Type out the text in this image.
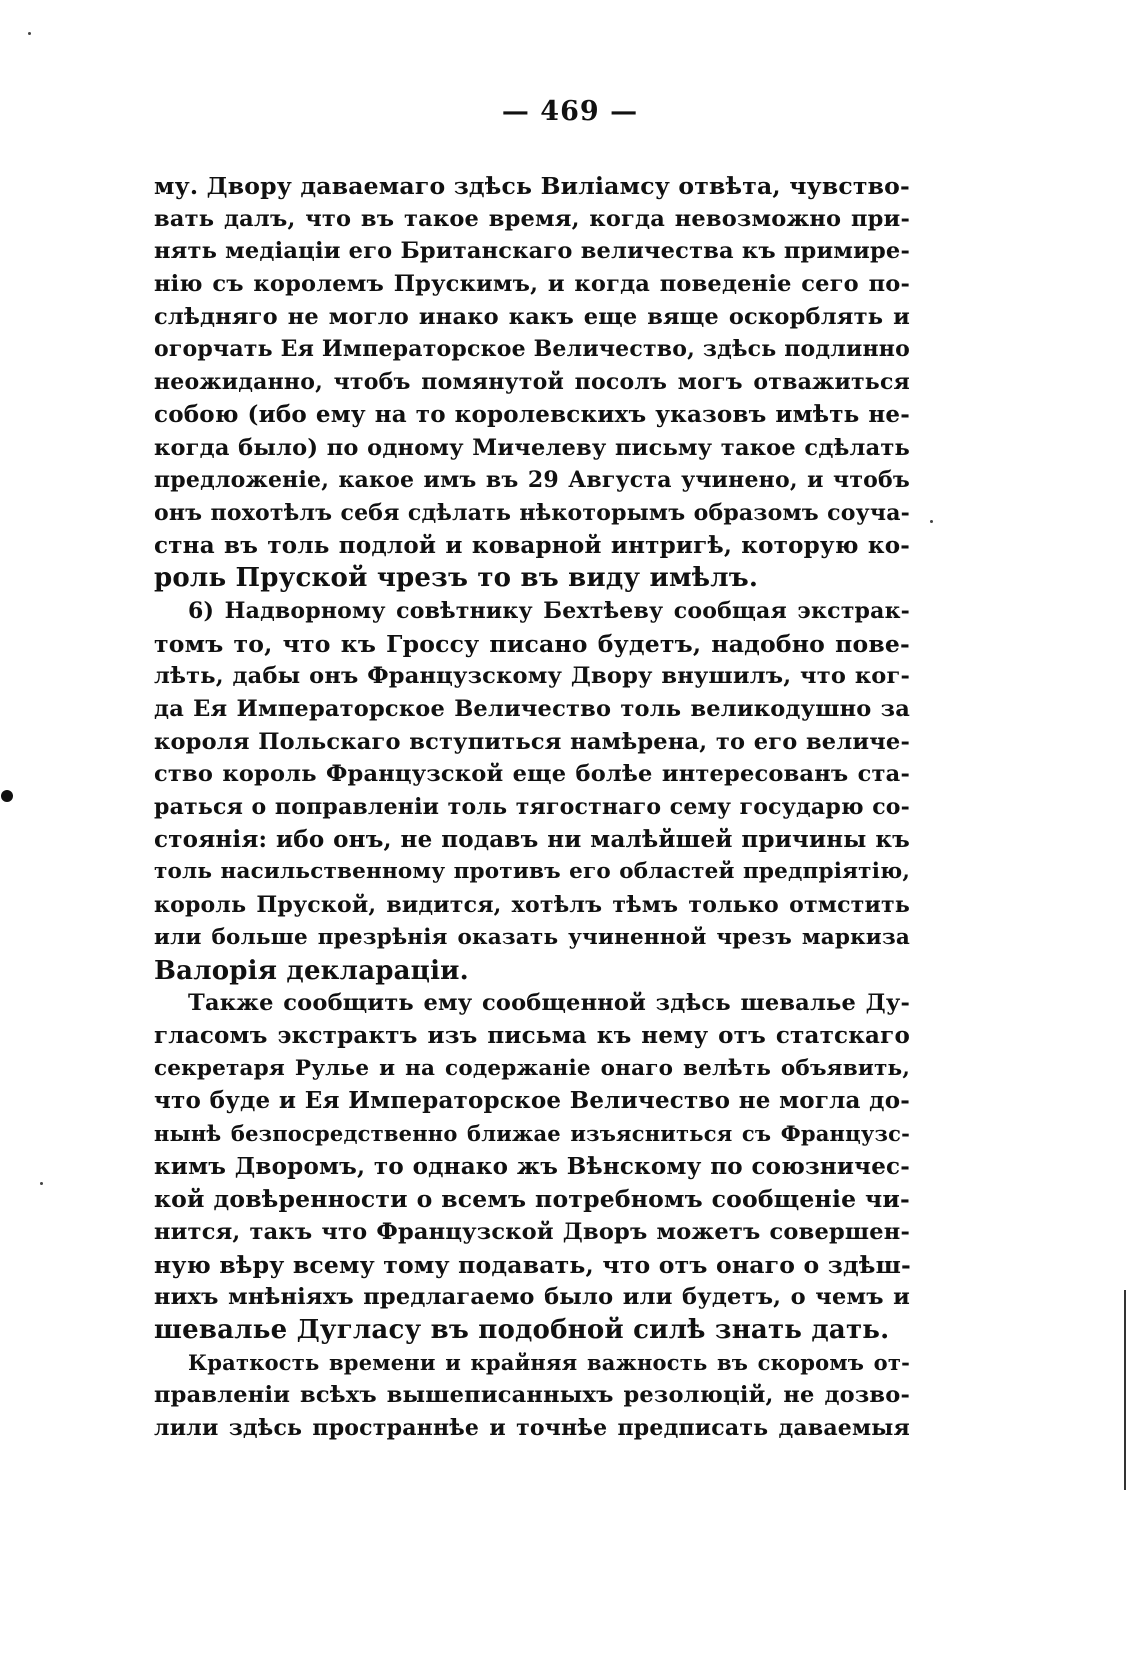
— 469 —
му. Двору даваемаго здѣсь Виліамсу отвѣта, чувство-
вать далъ, что въ такое время, когда невозможно при-
нять медіаціи его Британскаго величества къ примире-
нію съ королемъ Прускимъ, и когда поведеніе сего по-
слѣдняго не могло инако какъ еще вяще оскорблять и
огорчать Ея Императорское Величество, здѣсь подлинно
неожиданно, чтобъ помянутой посолъ могъ отважиться
собою (ибо ему на то королевскихъ указовъ имѣть не-
когда было) по одному Мичелеву письму такое сдѣлать
предложеніе, какое имъ въ 29 Августа учинено, и чтобъ
онъ похотѣлъ себя сдѣлать нѣкоторымъ образомъ соуча-
стна въ толь подлой и коварной интригѣ, которую ко-
роль Пруской чрезъ то въ виду имѣлъ.
6) Надворному совѣтнику Бехтѣеву сообщая экстрак-
томъ то, что къ Гроссу писано будетъ, надобно пове-
лѣть, дабы онъ Французскому Двору внушилъ, что ког-
да Ея Императорское Величество толь великодушно за
короля Польскаго вступиться намѣрена, то его величе-
ство король Французской еще болѣе интересованъ ста-
раться о поправленіи толь тягостнаго сему государю со-
стоянія: ибо онъ, не подавъ ни малѣйшей причины къ
толь насильственному противъ его областей предпріятію,
король Пруской, видится, хотѣлъ тѣмъ только отмстить
или больше презрѣнія оказать учиненной чрезъ маркиза
Валорія деклараціи.
Также сообщить ему сообщенной здѣсь шевалье Ду-
гласомъ экстрактъ изъ письма къ нему отъ статскаго
секретаря Рулье и на содержаніе онаго велѣть объявить,
что буде и Ея Императорское Величество не могла до-
нынѣ безпосредственно ближае изъясниться съ Французс-
кимъ Дворомъ, то однако жъ Вѣнскому по союзничес-
кой довѣренности о всемъ потребномъ сообщеніе чи-
нится, такъ что Французской Дворъ можетъ совершен-
ную вѣру всему тому подавать, что отъ онаго о здѣш-
нихъ мнѣніяхъ предлагаемо было или будетъ, о чемъ и
шевалье Дугласу въ подобной силѣ знать дать.
Краткость времени и крайняя важность въ скоромъ от-
правленіи всѣхъ вышеписанныхъ резолюцій, не дозво-
лили здѣсь пространнѣе и точнѣе предписать даваемыя
